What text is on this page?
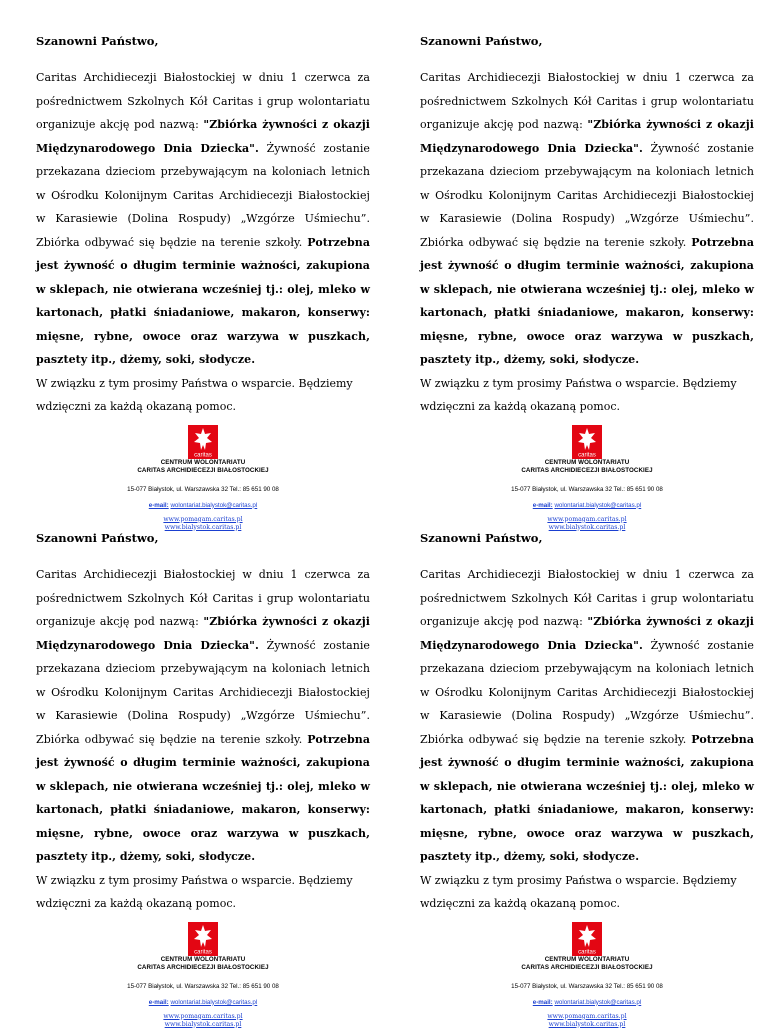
Szanowni Państwo,

Caritas Archidiecezji Białostockiej w dniu 1 czerwca za pośrednictwem Szkolnych Kół Caritas i grup wolontariatu organizuje akcję pod nazwą: "Zbiórka żywności z okazji Międzynarodowego Dnia Dziecka". Żywność zostanie przekazana dzieciom przebywającym na koloniach letnich w Ośrodku Kolonijnym Caritas Archidiecezji Białostockiej w Karasiewie (Dolina Rospudy) „Wzgórze Uśmiechu”. Zbiórka odbywać się będzie na terenie szkoły. Potrzebna jest żywność o długim terminie ważności, zakupiona w sklepach, nie otwierana wcześniej tj.: olej, mleko w kartonach, płatki śniadaniowe, makaron, konserwy: mięsne, rybne, owoce oraz warzywa w puszkach, pasztety itp., dżemy, soki, słodycze.
W związku z tym prosimy Państwa o wsparcie. Będziemy wdzięczni za każdą okazaną pomoc.
caritas
CENTRUM WOLONTARIATU
CARITAS ARCHIDIECEZJI BIAŁOSTOCKIEJ
15-077 Białystok, ul. Warszawska 32 Tel.: 85 651 90 08
e-mail: wolontariat.bialystok@caritas.pl
www.pomagam.caritas.pl
www.bialystok.caritas.pl

Szanowni Państwo,

Caritas Archidiecezji Białostockiej w dniu 1 czerwca za pośrednictwem Szkolnych Kół Caritas i grup wolontariatu organizuje akcję pod nazwą: "Zbiórka żywności z okazji Międzynarodowego Dnia Dziecka". Żywność zostanie przekazana dzieciom przebywającym na koloniach letnich w Ośrodku Kolonijnym Caritas Archidiecezji Białostockiej w Karasiewie (Dolina Rospudy) „Wzgórze Uśmiechu”. Zbiórka odbywać się będzie na terenie szkoły. Potrzebna jest żywność o długim terminie ważności, zakupiona w sklepach, nie otwierana wcześniej tj.: olej, mleko w kartonach, płatki śniadaniowe, makaron, konserwy: mięsne, rybne, owoce oraz warzywa w puszkach, pasztety itp., dżemy, soki, słodycze.
W związku z tym prosimy Państwa o wsparcie. Będziemy wdzięczni za każdą okazaną pomoc.
caritas
CENTRUM WOLONTARIATU
CARITAS ARCHIDIECEZJI BIAŁOSTOCKIEJ
15-077 Białystok, ul. Warszawska 32 Tel.: 85 651 90 08
e-mail: wolontariat.bialystok@caritas.pl
www.pomagam.caritas.pl
www.bialystok.caritas.pl

Szanowni Państwo,

Caritas Archidiecezji Białostockiej w dniu 1 czerwca za pośrednictwem Szkolnych Kół Caritas i grup wolontariatu organizuje akcję pod nazwą: "Zbiórka żywności z okazji Międzynarodowego Dnia Dziecka". Żywność zostanie przekazana dzieciom przebywającym na koloniach letnich w Ośrodku Kolonijnym Caritas Archidiecezji Białostockiej w Karasiewie (Dolina Rospudy) „Wzgórze Uśmiechu”. Zbiórka odbywać się będzie na terenie szkoły. Potrzebna jest żywność o długim terminie ważności, zakupiona w sklepach, nie otwierana wcześniej tj.: olej, mleko w kartonach, płatki śniadaniowe, makaron, konserwy: mięsne, rybne, owoce oraz warzywa w puszkach, pasztety itp., dżemy, soki, słodycze.
W związku z tym prosimy Państwa o wsparcie. Będziemy wdzięczni za każdą okazaną pomoc.
caritas
CENTRUM WOLONTARIATU
CARITAS ARCHIDIECEZJI BIAŁOSTOCKIEJ
15-077 Białystok, ul. Warszawska 32 Tel.: 85 651 90 08
e-mail: wolontariat.bialystok@caritas.pl
www.pomagam.caritas.pl
www.bialystok.caritas.pl

Szanowni Państwo,

Caritas Archidiecezji Białostockiej w dniu 1 czerwca za pośrednictwem Szkolnych Kół Caritas i grup wolontariatu organizuje akcję pod nazwą: "Zbiórka żywności z okazji Międzynarodowego Dnia Dziecka". Żywność zostanie przekazana dzieciom przebywającym na koloniach letnich w Ośrodku Kolonijnym Caritas Archidiecezji Białostockiej w Karasiewie (Dolina Rospudy) „Wzgórze Uśmiechu”. Zbiórka odbywać się będzie na terenie szkoły. Potrzebna jest żywność o długim terminie ważności, zakupiona w sklepach, nie otwierana wcześniej tj.: olej, mleko w kartonach, płatki śniadaniowe, makaron, konserwy: mięsne, rybne, owoce oraz warzywa w puszkach, pasztety itp., dżemy, soki, słodycze.
W związku z tym prosimy Państwa o wsparcie. Będziemy wdzięczni za każdą okazaną pomoc.
caritas
CENTRUM WOLONTARIATU
CARITAS ARCHIDIECEZJI BIAŁOSTOCKIEJ
15-077 Białystok, ul. Warszawska 32 Tel.: 85 651 90 08
e-mail: wolontariat.bialystok@caritas.pl
www.pomagam.caritas.pl
www.bialystok.caritas.pl
